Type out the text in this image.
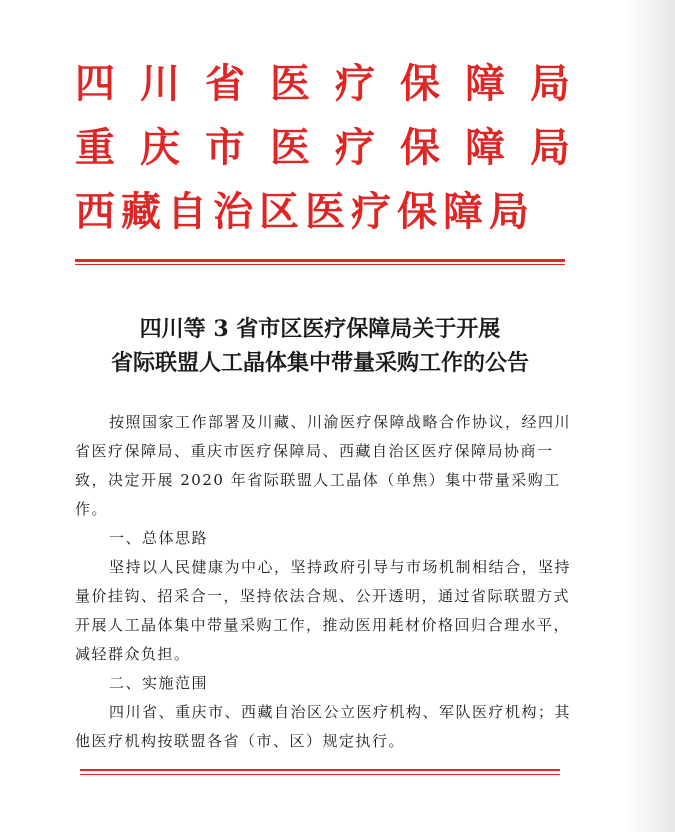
四川省医疗保障局
重庆市医疗保障局
西藏自治区医疗保障局
四川等 3 省市区医疗保障局关于开展
省际联盟人工晶体集中带量采购工作的公告

按照国家工作部署及川藏、川渝医疗保障战略合作协议，经四川省医疗保障局、重庆市医疗保障局、西藏自治区医疗保障局协商一致，决定开展 2020 年省际联盟人工晶体（单焦）集中带量采购工作。

一、总体思路

坚持以人民健康为中心，坚持政府引导与市场机制相结合，坚持量价挂钩、招采合一，坚持依法合规、公开透明，通过省际联盟方式开展人工晶体集中带量采购工作，推动医用耗材价格回归合理水平，减轻群众负担。

二、实施范围

四川省、重庆市、西藏自治区公立医疗机构、军队医疗机构；其他医疗机构按联盟各省（市、区）规定执行。
